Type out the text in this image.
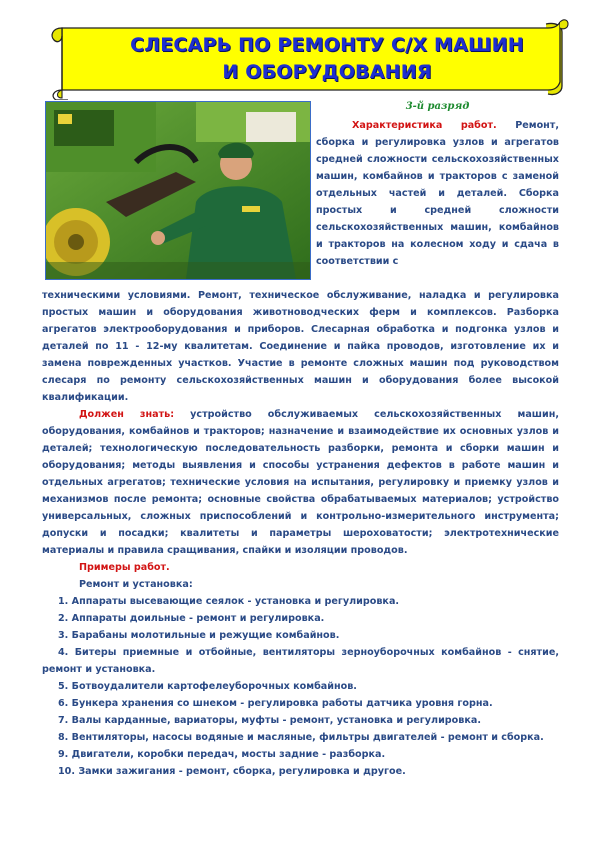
СЛЕСАРЬ ПО РЕМОНТУ С/Х МАШИН
И ОБОРУДОВАНИЯ
3-й разряд

Характеристика работ. Ремонт, сборка и регулировка узлов и агрегатов средней сложности сельскохозяйственных машин, комбайнов и тракторов с заменой отдельных частей и деталей. Сборка простых и средней сложности сельскохозяйственных машин, комбайнов и тракторов на колесном ходу и сдача в соответствии с

техническими условиями. Ремонт, техническое обслуживание, наладка и регулировка простых машин и оборудования животноводческих ферм и комплексов. Разборка агрегатов электрооборудования и приборов. Слесарная обработка и подгонка узлов и деталей по 11 - 12-му квалитетам. Соединение и пайка проводов, изготовление их и замена поврежденных участков. Участие в ремонте сложных машин под руководством слесаря по ремонту сельскохозяйственных машин и оборудования более высокой квалификации.

Должен знать: устройство обслуживаемых сельскохозяйственных машин, оборудования, комбайнов и тракторов; назначение и взаимодействие их основных узлов и деталей; технологическую последовательность разборки, ремонта и сборки машин и оборудования; методы выявления и способы устранения дефектов в работе машин и отдельных агрегатов; технические условия на испытания, регулировку и приемку узлов и механизмов после ремонта; основные свойства обрабатываемых материалов; устройство универсальных, сложных приспособлений и контрольно-измерительного инструмента; допуски и посадки; квалитеты и параметры шероховатости; электротехнические материалы и правила сращивания, спайки и изоляции проводов.

Примеры работ.

Ремонт и установка:

1. Аппараты высевающие сеялок - установка и регулировка.

2. Аппараты доильные - ремонт и регулировка.

3. Барабаны молотильные и режущие комбайнов.

4. Битеры приемные и отбойные, вентиляторы зерноуборочных комбайнов - снятие, ремонт и установка.

5. Ботвоудалители картофелеуборочных комбайнов.

6. Бункера хранения со шнеком - регулировка работы датчика уровня горна.

7. Валы карданные, вариаторы, муфты - ремонт, установка и регулировка.

8. Вентиляторы, насосы водяные и масляные, фильтры двигателей - ремонт и сборка.

9. Двигатели, коробки передач, мосты задние - разборка.

10. Замки зажигания - ремонт, сборка, регулировка и другое.
